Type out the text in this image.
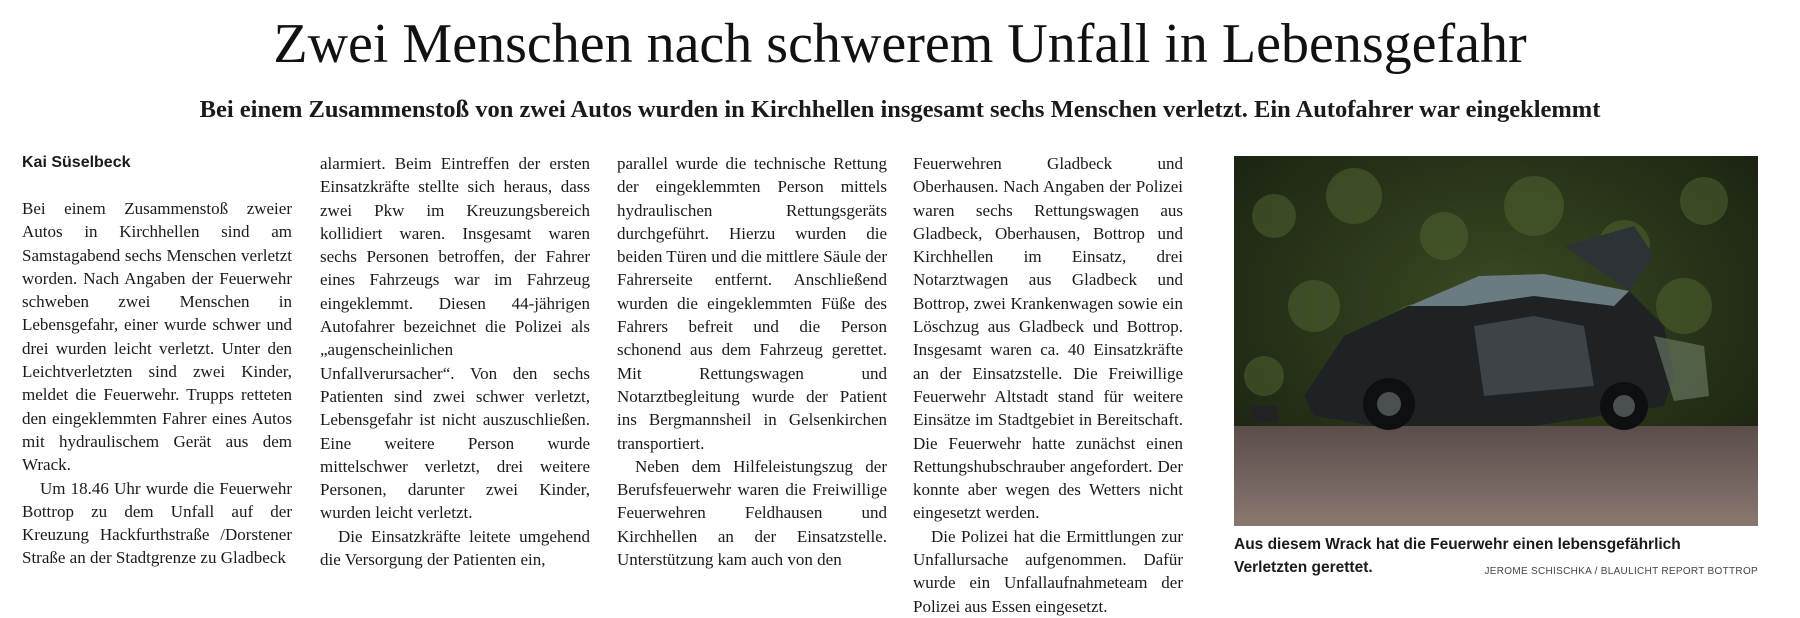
Zwei Menschen nach schwerem Unfall in Lebensgefahr
Bei einem Zusammenstoß von zwei Autos wurden in Kirchhellen insgesamt sechs Menschen verletzt. Ein Autofahrer war eingeklemmt
Kai Süselbeck

Bei einem Zusammenstoß zweier Autos in Kirchhellen sind am Samstagabend sechs Menschen verletzt worden. Nach Angaben der Feuerwehr schweben zwei Menschen in Lebensgefahr, einer wurde schwer und drei wurden leicht verletzt. Unter den Leichtverletzten sind zwei Kinder, meldet die Feuerwehr. Trupps retteten den eingeklemmten Fahrer eines Autos mit hydraulischem Gerät aus dem Wrack.

Um 18.46 Uhr wurde die Feuerwehr Bottrop zu dem Unfall auf der Kreuzung Hackfurthstraße /Dorstener Straße an der Stadtgrenze zu Gladbeck

alarmiert. Beim Eintreffen der ersten Einsatzkräfte stellte sich heraus, dass zwei Pkw im Kreuzungsbereich kollidiert waren. Insgesamt waren sechs Personen betroffen, der Fahrer eines Fahrzeugs war im Fahrzeug eingeklemmt. Diesen 44-jährigen Autofahrer bezeichnet die Polizei als „augenscheinlichen Unfallverursacher“. Von den sechs Patienten sind zwei schwer verletzt, Lebensgefahr ist nicht auszuschließen. Eine weitere Person wurde mittelschwer verletzt, drei weitere Personen, darunter zwei Kinder, wurden leicht verletzt.

Die Einsatzkräfte leitete umgehend die Versorgung der Patienten ein,

parallel wurde die technische Rettung der eingeklemmten Person mittels hydraulischen Rettungsgeräts durchgeführt. Hierzu wurden die beiden Türen und die mittlere Säule der Fahrerseite entfernt. Anschließend wurden die eingeklemmten Füße des Fahrers befreit und die Person schonend aus dem Fahrzeug gerettet. Mit Rettungswagen und Notarztbegleitung wurde der Patient ins Bergmannsheil in Gelsenkirchen transportiert.

Neben dem Hilfeleistungszug der Berufsfeuerwehr waren die Freiwillige Feuerwehren Feldhausen und Kirchhellen an der Einsatzstelle. Unterstützung kam auch von den

Feuerwehren Gladbeck und Oberhausen. Nach Angaben der Polizei waren sechs Rettungswagen aus Gladbeck, Oberhausen, Bottrop und Kirchhellen im Einsatz, drei Notarztwagen aus Gladbeck und Bottrop, zwei Krankenwagen sowie ein Löschzug aus Gladbeck und Bottrop. Insgesamt waren ca. 40 Einsatzkräfte an der Einsatzstelle. Die Freiwillige Feuerwehr Altstadt stand für weitere Einsätze im Stadtgebiet in Bereitschaft. Die Feuerwehr hatte zunächst einen Rettungshubschrauber angefordert. Der konnte aber wegen des Wetters nicht eingesetzt werden.

Die Polizei hat die Ermittlungen zur Unfallursache aufgenommen. Dafür wurde ein Unfallaufnahmeteam der Polizei aus Essen eingesetzt.

Aus diesem Wrack hat die Feuerwehr einen lebensgefährlich Verletzten gerettet.	JEROME SCHISCHKA / BLAULICHT REPORT BOTTROP
